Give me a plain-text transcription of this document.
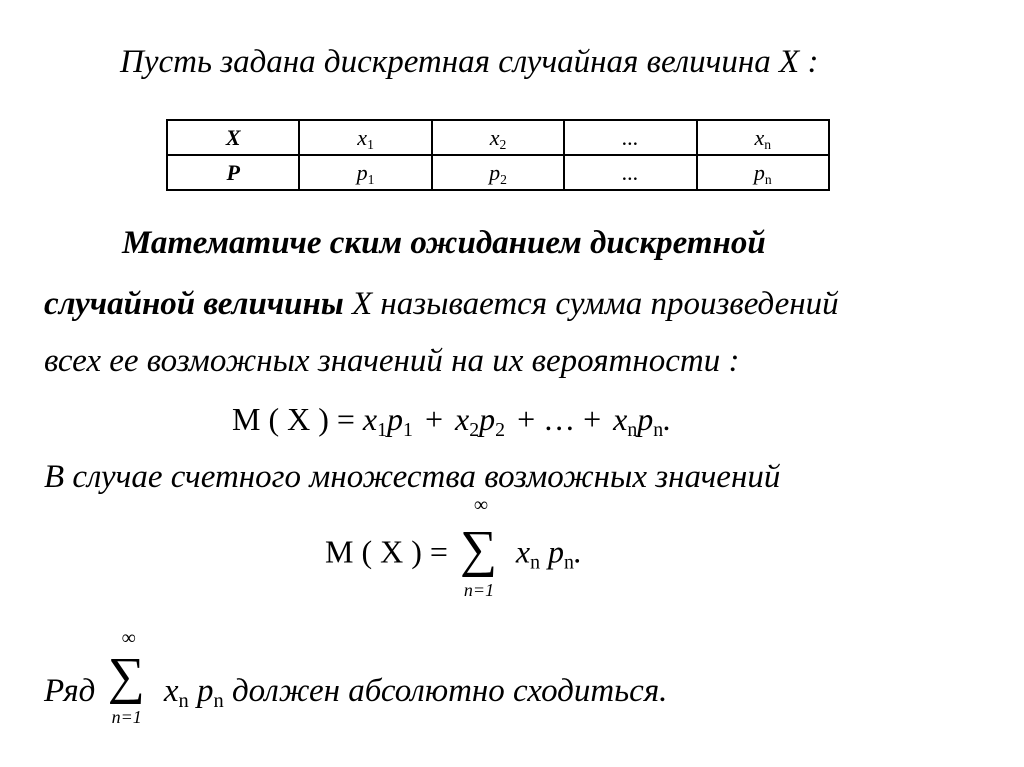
Пусть задана дискретная случайная величина X :
X	$x_1$	$x_2$	...	$x_n$
P	$p_1$	$p_2$	...	$p_n$
Математиче ским ожиданием дискретной
случайной величины X называется сумма произведений
всех ее возможных значений на их вероятности :
M ( X ) = $x_1p_1 + x_2p_2$ + … + $x_np_n$.
В случае счетного множества возможных значений
M ( X ) =
∞
∑
n=1
$x_n$ $p_n$.
Ряд
∞
∑
n=1
$x_n$ $p_n$ должен абсолютно сходиться.
